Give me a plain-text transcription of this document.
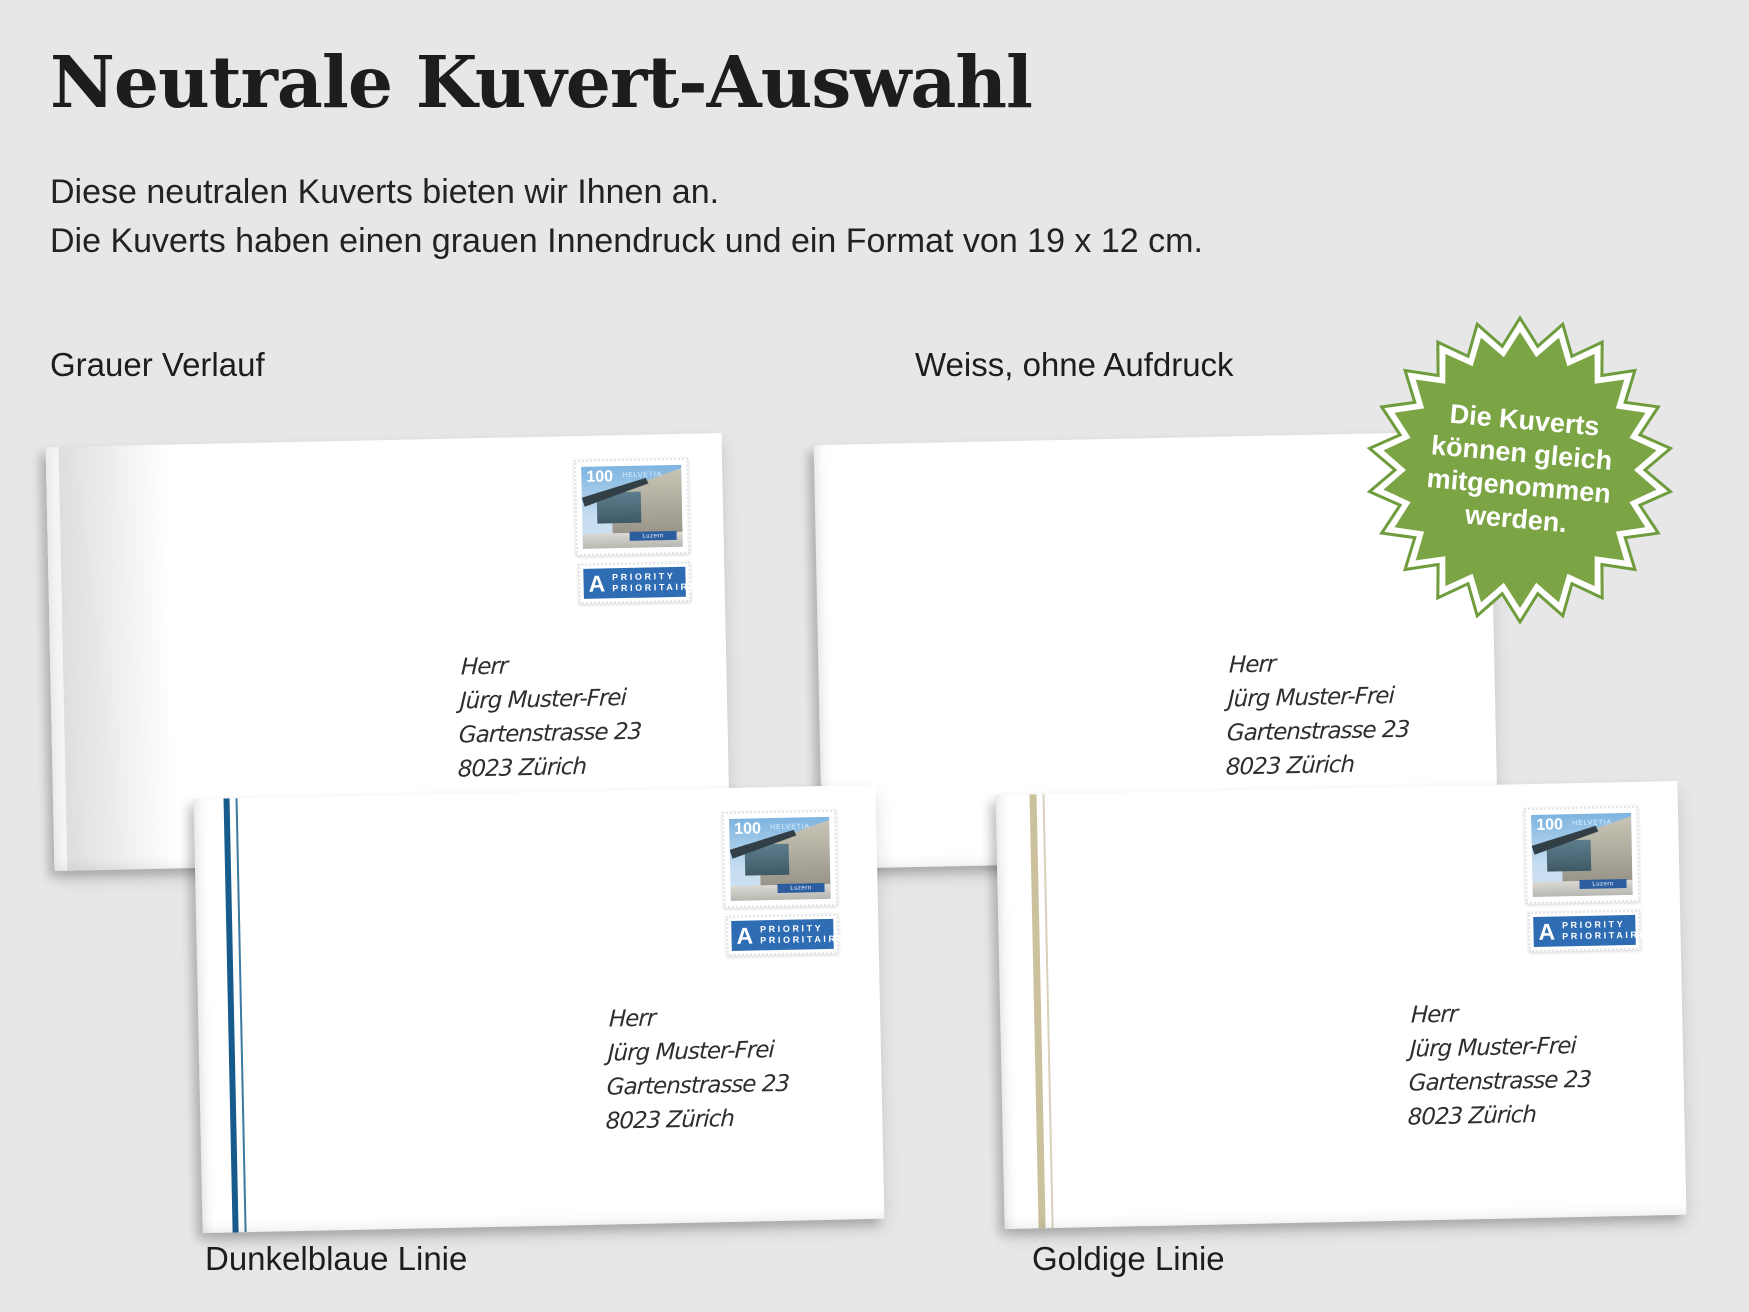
Neutrale Kuvert-Auswahl

Diese neutralen Kuverts bieten wir Ihnen an.
Die Kuverts haben einen grauen Innendruck und ein Format von 19 x 12 cm.

Grauer Verlauf	Weiss, ohne Aufdruck
Dunkelblaue Linie	Goldige Linie
Luzern
100 HELVETIA
A PRIORITY
PRIORITAIRE
Herr
Jürg Muster-Frei
Gartenstrasse 23
8023 Zürich
Herr
Jürg Muster-Frei
Gartenstrasse 23
8023 Zürich
Luzern
100 HELVETIA
A PRIORITY
PRIORITAIRE
Herr
Jürg Muster-Frei
Gartenstrasse 23
8023 Zürich
Luzern
100 HELVETIA
A PRIORITY
PRIORITAIRE
Herr
Jürg Muster-Frei
Gartenstrasse 23
8023 Zürich
Die Kuverts
können gleich
mitgenommen
werden.
